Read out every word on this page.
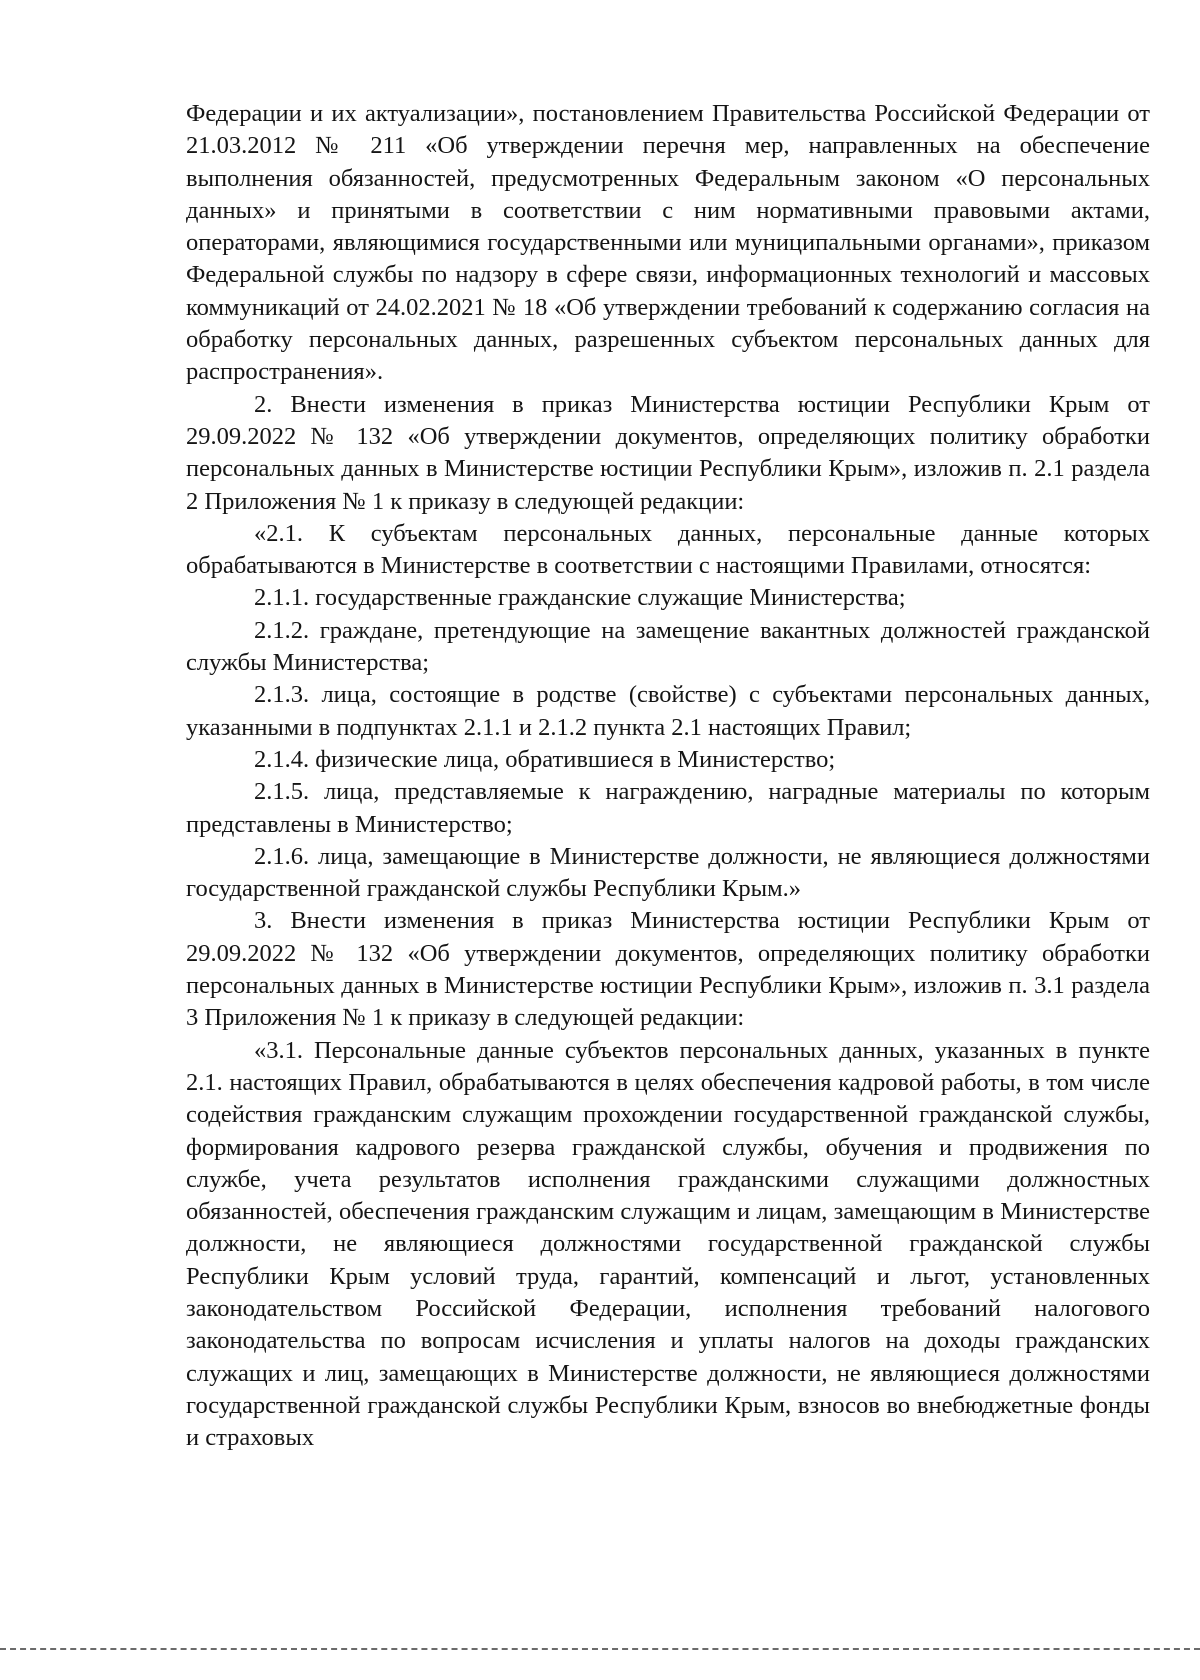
Федерации и их актуализации», постановлением Правительства Российской Федерации от 21.03.2012 № 211 «Об утверждении перечня мер, направленных на обеспечение выполнения обязанностей, предусмотренных Федеральным законом «О персональных данных» и принятыми в соответствии с ним нормативными правовыми актами, операторами, являющимися государственными или муниципальными органами», приказом Федеральной службы по надзору в сфере связи, информационных технологий и массовых коммуникаций от 24.02.2021 № 18 «Об утверждении требований к содержанию согласия на обработку персональных данных, разрешенных субъектом персональных данных для распространения».

2. Внести изменения в приказ Министерства юстиции Республики Крым от 29.09.2022 № 132 «Об утверждении документов, определяющих политику обработки персональных данных в Министерстве юстиции Республики Крым», изложив п. 2.1 раздела 2 Приложения № 1 к приказу в следующей редакции:

«2.1. К субъектам персональных данных, персональные данные которых обрабатываются в Министерстве в соответствии с настоящими Правилами, относятся:

2.1.1. государственные гражданские служащие Министерства;

2.1.2. граждане, претендующие на замещение вакантных должностей гражданской службы Министерства;

2.1.3. лица, состоящие в родстве (свойстве) с субъектами персональных данных, указанными в подпунктах 2.1.1 и 2.1.2 пункта 2.1 настоящих Правил;

2.1.4. физические лица, обратившиеся в Министерство;

2.1.5. лица, представляемые к награждению, наградные материалы по которым представлены в Министерство;

2.1.6. лица, замещающие в Министерстве должности, не являющиеся должностями государственной гражданской службы Республики Крым.»

3. Внести изменения в приказ Министерства юстиции Республики Крым от 29.09.2022 № 132 «Об утверждении документов, определяющих политику обработки персональных данных в Министерстве юстиции Республики Крым», изложив п. 3.1 раздела 3 Приложения № 1 к приказу в следующей редакции:

«3.1. Персональные данные субъектов персональных данных, указанных в пункте 2.1. настоящих Правил, обрабатываются в целях обеспечения кадровой работы, в том числе содействия гражданским служащим прохождении государственной гражданской службы, формирования кадрового резерва гражданской службы, обучения и продвижения по службе, учета результатов исполнения гражданскими служащими должностных обязанностей, обеспечения гражданским служащим и лицам, замещающим в Министерстве должности, не являющиеся должностями государственной гражданской службы Республики Крым условий труда, гарантий, компенсаций и льгот, установленных законодательством Российской Федерации, исполнения требований налогового законодательства по вопросам исчисления и уплаты налогов на доходы гражданских служащих и лиц, замещающих в Министерстве должности, не являющиеся должностями государственной гражданской службы Республики Крым, взносов во внебюджетные фонды и страховых
